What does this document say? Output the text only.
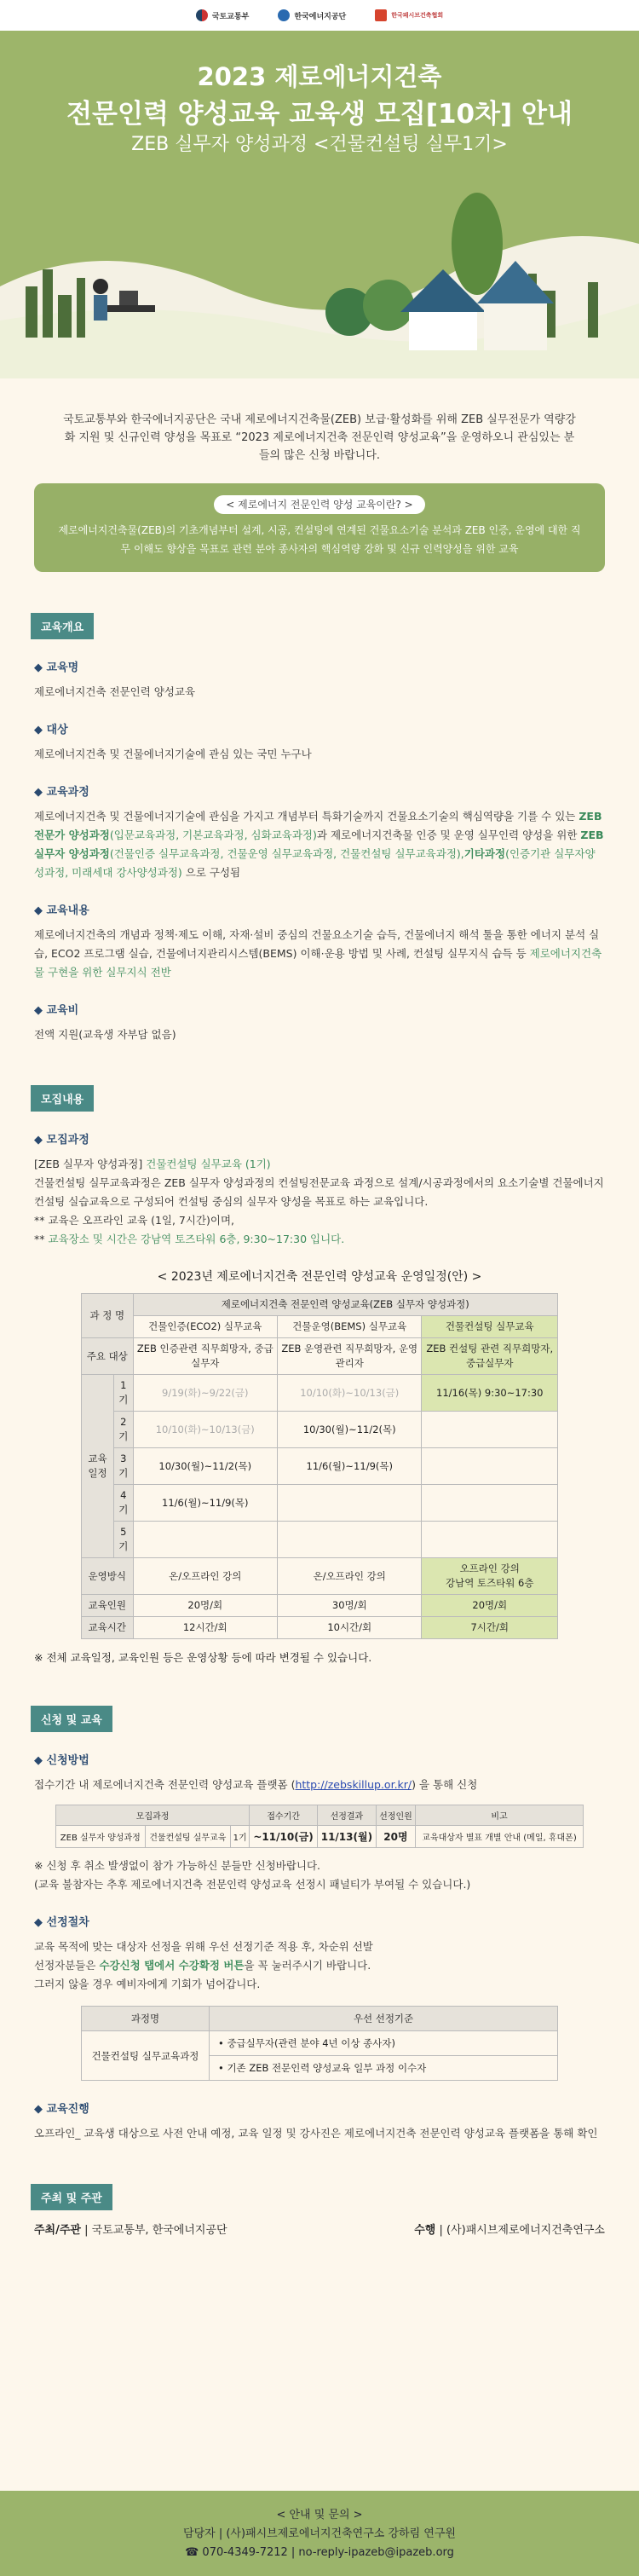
국토교통부	한국에너지공단	한국패시브건축협회
2023 제로에너지건축
전문인력 양성교육 교육생 모집[10차] 안내
ZEB 실무자 양성과정 <건물컨설팅 실무1기>
국토교통부와 한국에너지공단은 국내 제로에너지건축물(ZEB) 보급·활성화를 위해 ZEB 실무전문가 역량강화 지원 및 신규인력 양성을 목표로 “2023 제로에너지건축 전문인력 양성교육”을 운영하오니 관심있는 분들의 많은 신청 바랍니다.
< 제로에너지 전문인력 양성 교육이란? >
제로에너지건축물(ZEB)의 기초개념부터 설계, 시공, 컨설팅에 연계된 건물요소기술 분석과 ZEB 인증, 운영에 대한 직무 이해도 향상을 목표로 관련 분야 종사자의 핵심역량 강화 및 신규 인력양성을 위한 교육
교육개요
◆ 교육명
제로에너지건축 전문인력 양성교육
◆ 대상
제로에너지건축 및 건물에너지기술에 관심 있는 국민 누구나
◆ 교육과정
제로에너지건축 및 건물에너지기술에 관심을 가지고 개념부터 특화기술까지 건물요소기술의 핵심역량을 기를 수 있는 ZEB 전문가 양성과정(입문교육과정, 기본교육과정, 심화교육과정)과 제로에너지건축물 인증 및 운영 실무인력 양성을 위한 ZEB 실무자 양성과정(건물인증 실무교육과정, 건물운영 실무교육과정, 건물컨설팅 실무교육과정),기타과정(인증기관 실무자양성과정, 미래세대 강사양성과정) 으로 구성됨
◆ 교육내용
제로에너지건축의 개념과 정책·제도 이해, 자재·설비 중심의 건물요소기술 습득, 건물에너지 해석 툴을 통한 에너지 분석 실습, ECO2 프로그램 실습, 건물에너지관리시스템(BEMS) 이해·운용 방법 및 사례, 컨설팅 실무지식 습득 등 제로에너지건축물 구현을 위한 실무지식 전반
◆ 교육비
전액 지원(교육생 자부담 없음)
모집내용
◆ 모집과정
[ZEB 실무자 양성과정] 건물컨설팅 실무교육 (1기)
건물컨설팅 실무교육과정은 ZEB 실무자 양성과정의 컨설팅전문교육 과정으로 설계/시공과정에서의 요소기술별 건물에너지 컨설팅 실습교육으로 구성되어 컨설팅 중심의 실무자 양성을 목표로 하는 교육입니다.
** 교육은 오프라인 교육 (1일, 7시간)이며,
** 교육장소 및 시간은 강남역 토즈타워 6층, 9:30~17:30 입니다.
< 2023년 제로에너지건축 전문인력 양성교육 운영일정(안) >
과 정 명		제로에너지건축 전문인력 양성교육(ZEB 실무자 양성과정)		
		건물인증(ECO2) 실무교육	건물운영(BEMS) 실무교육	건물컨설팅 실무교육
주요 대상		ZEB 인증관련 직무희망자, 중급실무자	ZEB 운영관련 직무희망자, 운영관리자	ZEB 컨설팅 관련 직무희망자, 중급실무자
교육 일정	1기	9/19(화)~9/22(금)	10/10(화)~10/13(금)	11/16(목) 9:30~17:30
	2기	10/10(화)~10/13(금)	10/30(월)~11/2(목)	
	3기	10/30(월)~11/2(목)	11/6(월)~11/9(목)	
	4기	11/6(월)~11/9(목)		
	5기			
운영방식		온/오프라인 강의	온/오프라인 강의	오프라인 강의
강남역 토즈타워 6층

교육인원		20명/회	30명/회	20명/회
교육시간		12시간/회	10시간/회	7시간/회
※ 전체 교육일정, 교육인원 등은 운영상황 등에 따라 변경될 수 있습니다.
신청 및 교육
◆ 신청방법
접수기간 내 제로에너지건축 전문인력 양성교육 플랫폼 (http://zebskillup.or.kr/) 을 통해 신청
모집과정			접수기간	선정결과	선정인원	비고
ZEB 실무자 양성과정	건물컨설팅 실무교육	1기	~11/10(금)	11/13(월)	20명	교육대상자 별표 개별 안내 (메일, 휴대폰)
※ 신청 후 취소 발생없이 참가 가능하신 분들만 신청바랍니다.
(교육 불참자는 추후 제로에너지건축 전문인력 양성교육 선정시 패널티가 부여될 수 있습니다.)
◆ 선정절차
교육 목적에 맞는 대상자 선정을 위해 우선 선정기준 적용 후, 차순위 선발
선정자분들은 수강신청 탭에서 수강확정 버튼을 꼭 눌러주시기 바랍니다.
그러지 않을 경우 예비자에게 기회가 넘어갑니다.
과정명	우선 선정기준
건물컨설팅 실무교육과정	• 중급실무자(관련 분야 4년 이상 종사자)
	• 기존 ZEB 전문인력 양성교육 일부 과정 이수자
◆ 교육진행
오프라인_ 교육생 대상으로 사전 안내 예정, 교육 일정 및 강사진은 제로에너지건축 전문인력 양성교육 플랫폼을 통해 확인
주최 및 주관
주최/주관 | 국토교통부, 한국에너지공단	수행 | (사)패시브제로에너지건축연구소
< 안내 및 문의 >
담당자 | (사)패시브제로에너지건축연구소 강하림 연구원
☎ 070-4349-7212 | no-reply-ipazeb@ipazeb.org
